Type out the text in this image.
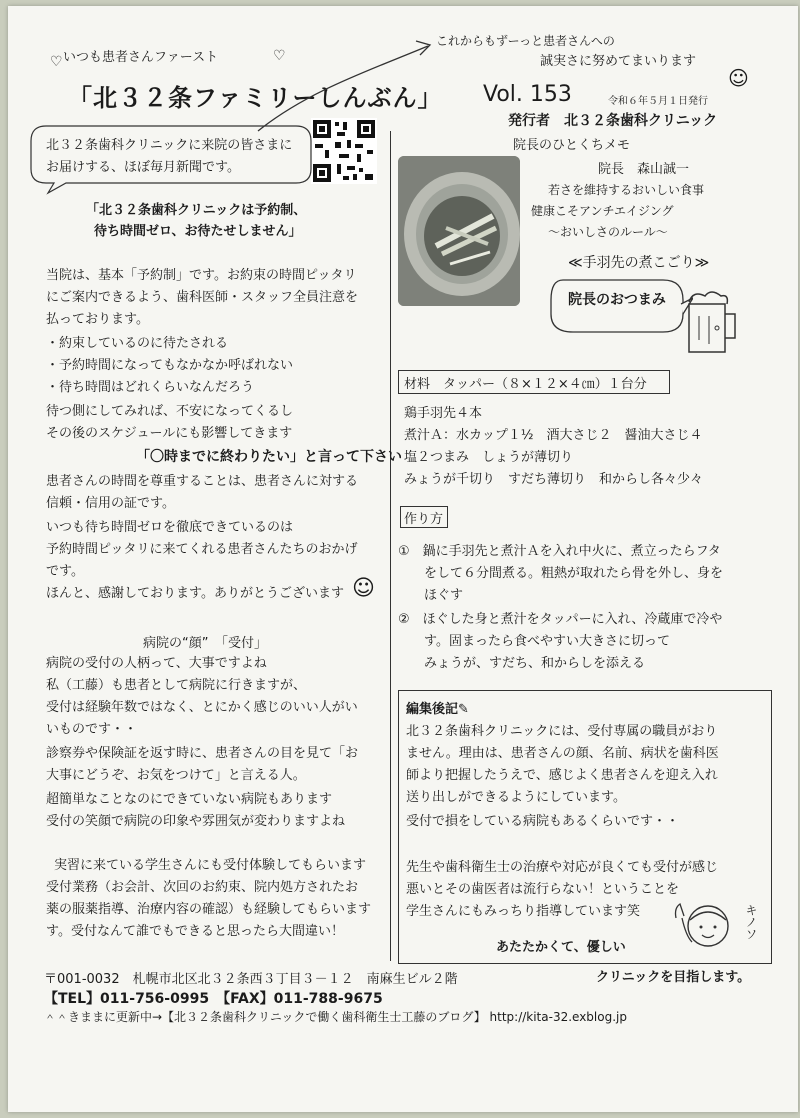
いつも患者さんファースト
♡	♡
「北３２条ファミリーしんぶん」 Vol. 153	令和６年５月１日発行
発行者　北３２条歯科クリニック
これからもずーっと患者さんへの
誠実さに努めてまいります
☺
北３２条歯科クリニックに来院の皆さまに
お届けする、ほぼ毎月新聞です。
「北３２条歯科クリニックは予約制、
待ち時間ゼロ、お待たせしません」
当院は、基本「予約制」です。お約束の時間ピッタリ
にご案内できるよう、歯科医師・スタッフ全員注意を
払っております。
・約束しているのに待たされる
・予約時間になってもなかなか呼ばれない
・待ち時間はどれくらいなんだろう
待つ側にしてみれば、不安になってくるし
その後のスケジュールにも影響してきます
「〇時までに終わりたい」と言って下さい
患者さんの時間を尊重することは、患者さんに対する
信頼・信用の証です。
いつも待ち時間ゼロを徹底できているのは
予約時間ピッタリに来てくれる患者さんたちのおかげ
です。
ほんと、感謝しております。ありがとうございます ☺
病院の“顔”　「受付」
病院の受付の人柄って、大事ですよね
私（工藤）も患者として病院に行きますが、
受付は経験年数ではなく、とにかく感じのいい人がい
いものです・・
診察券や保険証を返す時に、患者さんの目を見て「お
大事にどうぞ、お気をつけて」と言える人。
超簡単なことなのにできていない病院もあります
受付の笑顔で病院の印象や雰囲気が変わりますよね
実習に来ている学生さんにも受付体験してもらいます
受付業務（お会計、次回のお約束、院内処方されたお
薬の服薬指導、治療内容の確認）も経験してもらいます
す。受付なんて誰でもできると思ったら大間違い！
院長のひとくちメモ
院長　森山誠一
若さを維持するおいしい食事
健康こそアンチエイジング
～おいしさのルール～
≪手羽先の煮こごり≫
院長のおつまみ
材料　タッパー（８×１２×４㎝）１台分
鶏手羽先４本
煮汁Ａ：水カップ１½　酒大さじ２　醤油大さじ４
塩２つまみ　しょうが薄切り
みょうが千切り　すだち薄切り　和からし各々少々
作り方
①　鍋に手羽先と煮汁Ａを入れ中火に、煮立ったらフタ
　　をして６分間煮る。粗熱が取れたら骨を外し、身を
　　ほぐす
②　ほぐした身と煮汁をタッパーに入れ、冷蔵庫で冷や
　　す。固まったら食べやすい大きさに切って
　　みょうが、すだち、和からしを添える
編集後記✎
北３２条歯科クリニックには、受付専属の職員がおり
ません。理由は、患者さんの顔、名前、病状を歯科医
師より把握したうえで、感じよく患者さんを迎え入れ
送り出しができるようにしています。
受付で損をしている病院もあるくらいです・・
先生や歯科衛生士の治療や対応が良くても受付が感じ
悪いとその歯医者は流行らない！ということを
学生さんにもみっちり指導しています笑
あたたかくて、優しい
クリニックを目指します。
キノソ
〒001-0032　札幌市北区北３２条西３丁目３－１２　南麻生ビル２階
【TEL】011-756-0995　【FAX】011-788-9675
＾＾きままに更新中→【北３２条歯科クリニックで働く歯科衛生士工藤のブログ】 http://kita-32.exblog.jp
